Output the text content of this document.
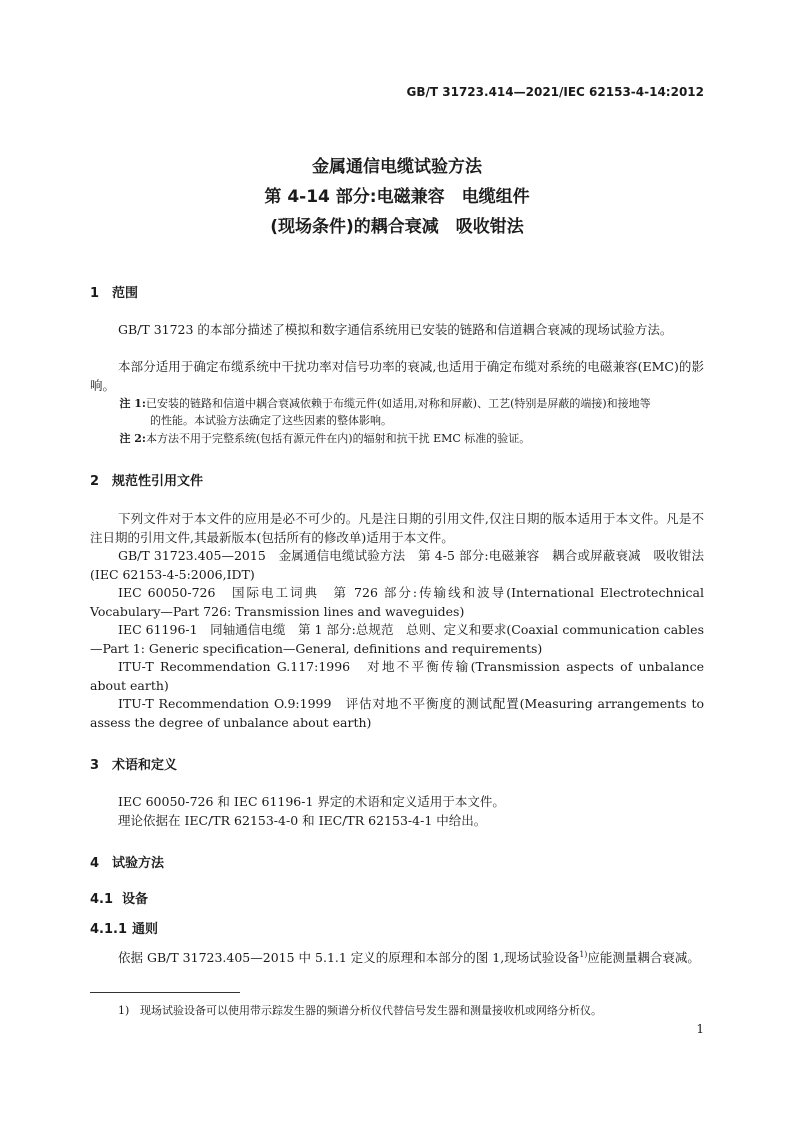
GB/T 31723.414—2021/IEC 62153-4-14:2012
金属通信电缆试验方法
第 4-14 部分:电磁兼容　电缆组件
(现场条件)的耦合衰减　吸收钳法
1 范围
GB/T 31723 的本部分描述了模拟和数字通信系统用已安装的链路和信道耦合衰减的现场试验方法。
本部分适用于确定布缆系统中干扰功率对信号功率的衰减,也适用于确定布缆对系统的电磁兼容(EMC)的影响。
注 1:已安装的链路和信道中耦合衰减依赖于布缆元件(如适用,对称和屏蔽)、工艺(特别是屏蔽的端接)和接地等
的性能。本试验方法确定了这些因素的整体影响。
注 2:本方法不用于完整系统(包括有源元件在内)的辐射和抗干扰 EMC 标准的验证。
2 规范性引用文件
下列文件对于本文件的应用是必不可少的。凡是注日期的引用文件,仅注日期的版本适用于本文件。凡是不注日期的引用文件,其最新版本(包括所有的修改单)适用于本文件。
GB/T 31723.405—2015　金属通信电缆试验方法　第 4-5 部分:电磁兼容　耦合或屏蔽衰减　吸收钳法(IEC 62153-4-5:2006,IDT)
IEC 60050-726　国际电工词典　第 726 部分:传输线和波导(International Electrotechnical Vocabulary—Part 726: Transmission lines and waveguides)
IEC 61196-1　同轴通信电缆　第 1 部分:总规范　总则、定义和要求(Coaxial communication cables—Part 1: Generic specification—General, definitions and requirements)
ITU-T Recommendation G.117:1996　对地不平衡传输(Transmission aspects of unbalance about earth)
ITU-T Recommendation O.9:1999　评估对地不平衡度的测试配置(Measuring arrangements to assess the degree of unbalance about earth)
3 术语和定义
IEC 60050-726 和 IEC 61196-1 界定的术语和定义适用于本文件。
理论依据在 IEC/TR 62153-4-0 和 IEC/TR 62153-4-1 中给出。
4 试验方法
4.1 设备
4.1.1 通则
依据 GB/T 31723.405—2015 中 5.1.1 定义的原理和本部分的图 1,现场试验设备$^{1)}$应能测量耦合衰减。
1) 现场试验设备可以使用带示踪发生器的频谱分析仪代替信号发生器和测量接收机或网络分析仪。
1
